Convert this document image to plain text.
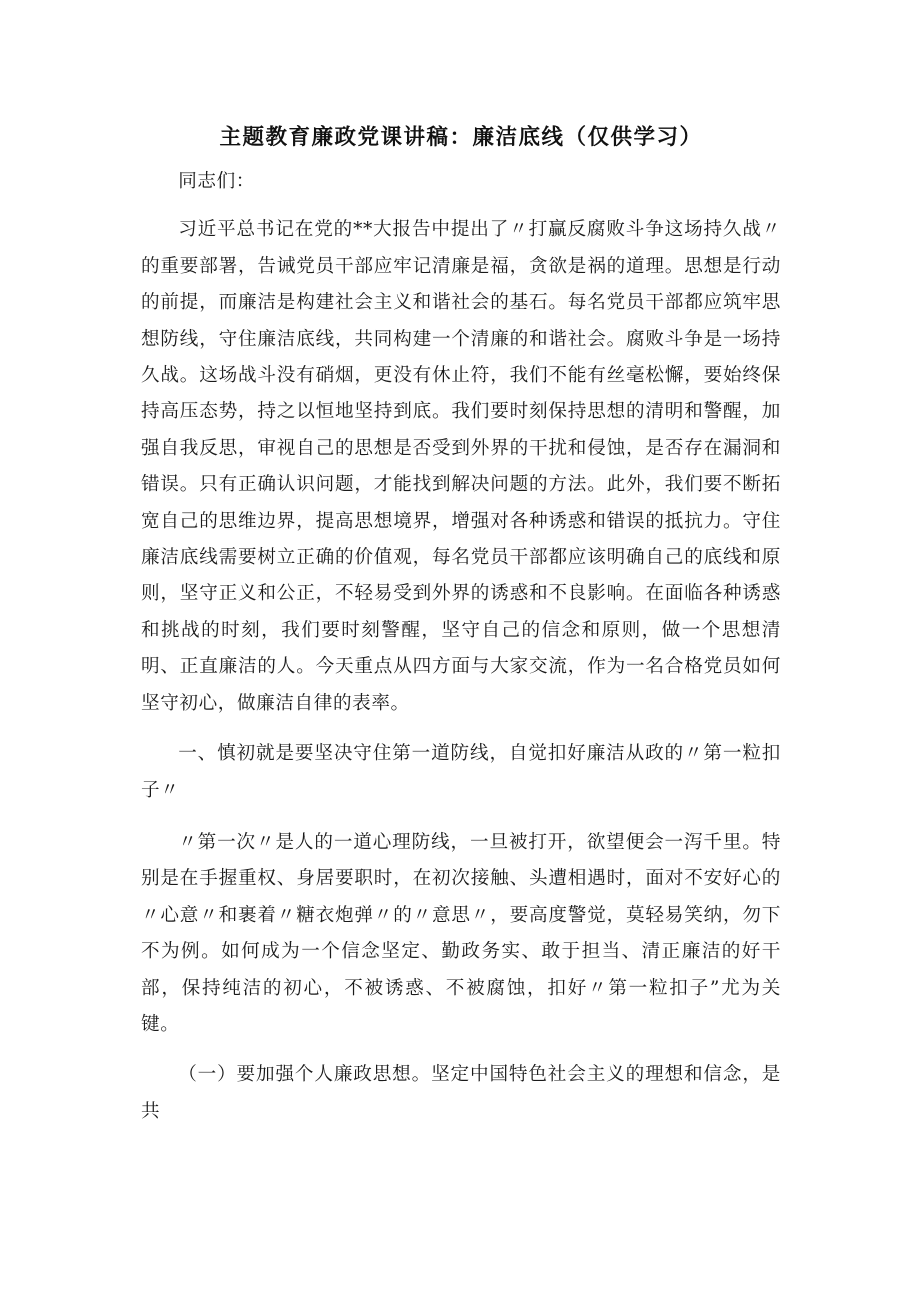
主题教育廉政党课讲稿：廉洁底线（仅供学习）

同志们：

习近平总书记在党的**大报告中提出了〃打赢反腐败斗争这场持久战〃的重要部署，告诫党员干部应牢记清廉是福，贪欲是祸的道理。思想是行动的前提，而廉洁是构建社会主义和谐社会的基石。每名党员干部都应筑牢思想防线，守住廉洁底线，共同构建一个清廉的和谐社会。腐败斗争是一场持久战。这场战斗没有硝烟，更没有休止符，我们不能有丝毫松懈，要始终保持高压态势，持之以恒地坚持到底。我们要时刻保持思想的清明和警醒，加强自我反思，审视自己的思想是否受到外界的干扰和侵蚀，是否存在漏洞和错误。只有正确认识问题，才能找到解决问题的方法。此外，我们要不断拓宽自己的思维边界，提高思想境界，增强对各种诱惑和错误的抵抗力。守住廉洁底线需要树立正确的价值观，每名党员干部都应该明确自己的底线和原则，坚守正义和公正，不轻易受到外界的诱惑和不良影响。在面临各种诱惑和挑战的时刻，我们要时刻警醒，坚守自己的信念和原则，做一个思想清明、正直廉洁的人。今天重点从四方面与大家交流，作为一名合格党员如何坚守初心，做廉洁自律的表率。

一、慎初就是要坚决守住第一道防线，自觉扣好廉洁从政的〃第一粒扣子〃

〃第一次〃是人的一道心理防线，一旦被打开，欲望便会一泻千里。特别是在手握重权、身居要职时，在初次接触、头遭相遇时，面对不安好心的〃心意〃和裹着〃糖衣炮弹〃的〃意思〃，要高度警觉，莫轻易笑纳，勿下不为例。如何成为一个信念坚定、勤政务实、敢于担当、清正廉洁的好干部，保持纯洁的初心，不被诱惑、不被腐蚀，扣好〃第一粒扣子”尤为关键。

（一）要加强个人廉政思想。坚定中国特色社会主义的理想和信念，是共
